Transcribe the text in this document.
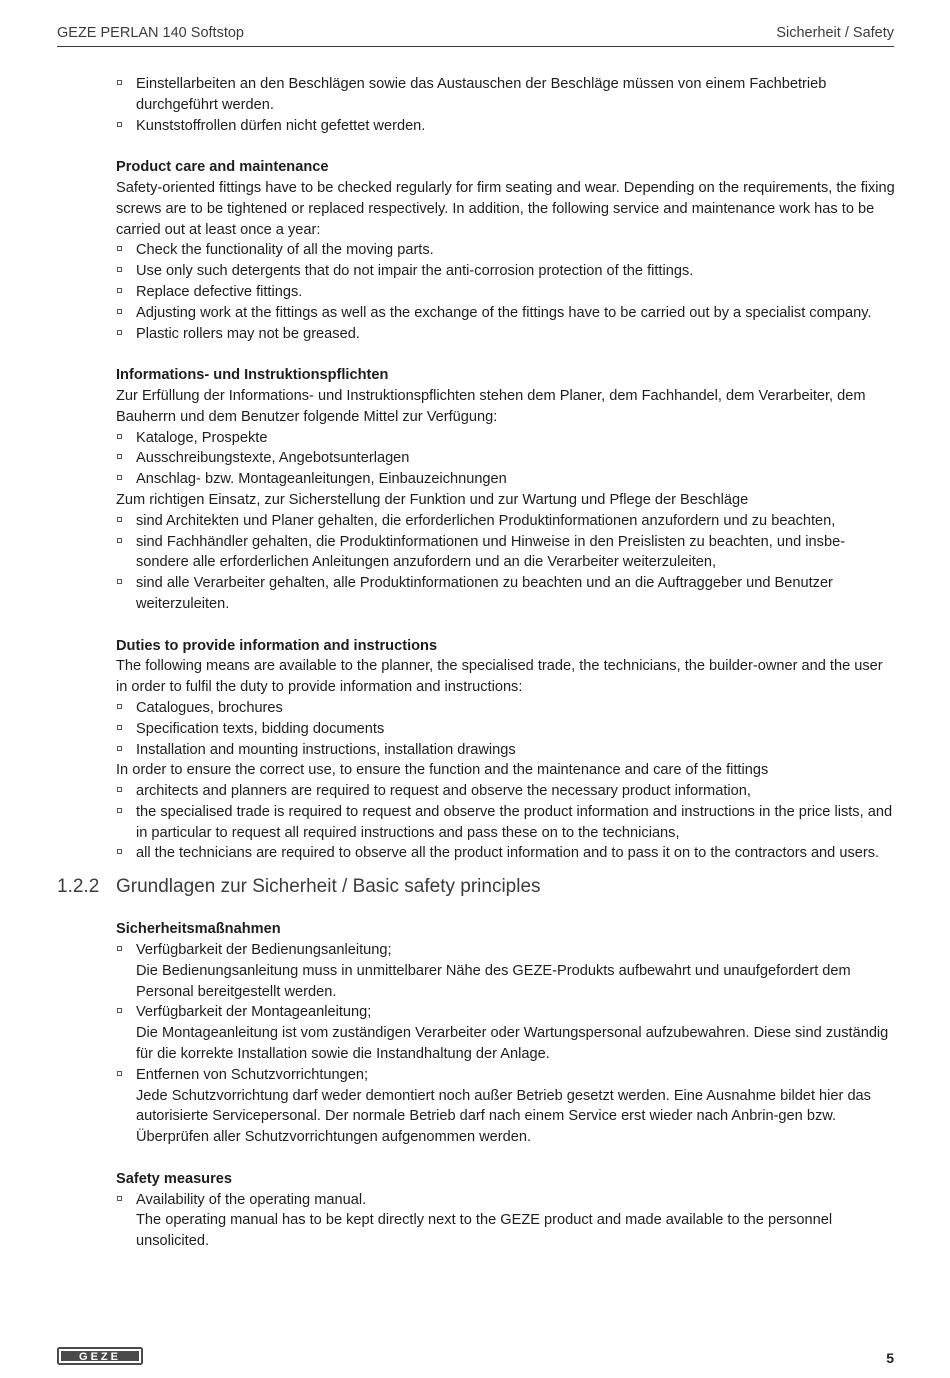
GEZE PERLAN 140 Softstop	Sicherheit / Safety
Einstellarbeiten an den Beschlägen sowie das Austauschen der Beschläge müssen von einem Fachbetrieb durchgeführt werden.
Kunststoffrollen dürfen nicht gefettet werden.

Product care and maintenance

Safety-oriented fittings have to be checked regularly for firm seating and wear. Depending on the requirements, the fixing screws are to be tightened or replaced respectively. In addition, the following service and maintenance work has to be carried out at least once a year:

Check the functionality of all the moving parts.
Use only such detergents that do not impair the anti-corrosion protection of the fittings.
Replace defective fittings.
Adjusting work at the fittings as well as the exchange of the fittings have to be carried out by a specialist company.
Plastic rollers may not be greased.

Informations- und Instruktionspflichten

Zur Erfüllung der Informations- und Instruktionspflichten stehen dem Planer, dem Fachhandel, dem Verarbeiter, dem Bauherrn und dem Benutzer folgende Mittel zur Verfügung:

Kataloge, Prospekte
Ausschreibungstexte, Angebotsunterlagen
Anschlag- bzw. Montageanleitungen, Einbauzeichnungen

Zum richtigen Einsatz, zur Sicherstellung der Funktion und zur Wartung und Pflege der Beschläge

sind Architekten und Planer gehalten, die erforderlichen Produktinformationen anzufordern und zu beachten,
sind Fachhändler gehalten, die Produktinformationen und Hinweise in den Preislisten zu beachten, und insbe-sondere alle erforderlichen Anleitungen anzufordern und an die Verarbeiter weiterzuleiten,
sind alle Verarbeiter gehalten, alle Produktinformationen zu beachten und an die Auftraggeber und Benutzer weiterzuleiten.

Duties to provide information and instructions

The following means are available to the planner, the specialised trade, the technicians, the builder-owner and the user in order to fulfil the duty to provide information and instructions:

Catalogues, brochures
Specification texts, bidding documents
Installation and mounting instructions, installation drawings

In order to ensure the correct use, to ensure the function and the maintenance and care of the fittings

architects and planners are required to request and observe the necessary product information,
the specialised trade is required to request and observe the product information and instructions in the price lists, and in particular to request all required instructions and pass these on to the technicians,
all the technicians are required to observe all the product information and to pass it on to the contractors and users.
1.2.2 Grundlagen zur Sicherheit / Basic safety principles

Sicherheitsmaßnahmen

Verfügbarkeit der Bedienungsanleitung;
Die Bedienungsanleitung muss in unmittelbarer Nähe des GEZE-Produkts aufbewahrt und unaufgefordert dem Personal bereitgestellt werden.
Verfügbarkeit der Montageanleitung;
Die Montageanleitung ist vom zuständigen Verarbeiter oder Wartungspersonal aufzubewahren. Diese sind zuständig für die korrekte Installation sowie die Instandhaltung der Anlage.
Entfernen von Schutzvorrichtungen;
Jede Schutzvorrichtung darf weder demontiert noch außer Betrieb gesetzt werden. Eine Ausnahme bildet hier das autorisierte Servicepersonal. Der normale Betrieb darf nach einem Service erst wieder nach Anbrin-gen bzw. Überprüfen aller Schutzvorrichtungen aufgenommen werden.

Safety measures

Availability of the operating manual.
The operating manual has to be kept directly next to the GEZE product and made available to the personnel unsolicited.
GEZE	5
